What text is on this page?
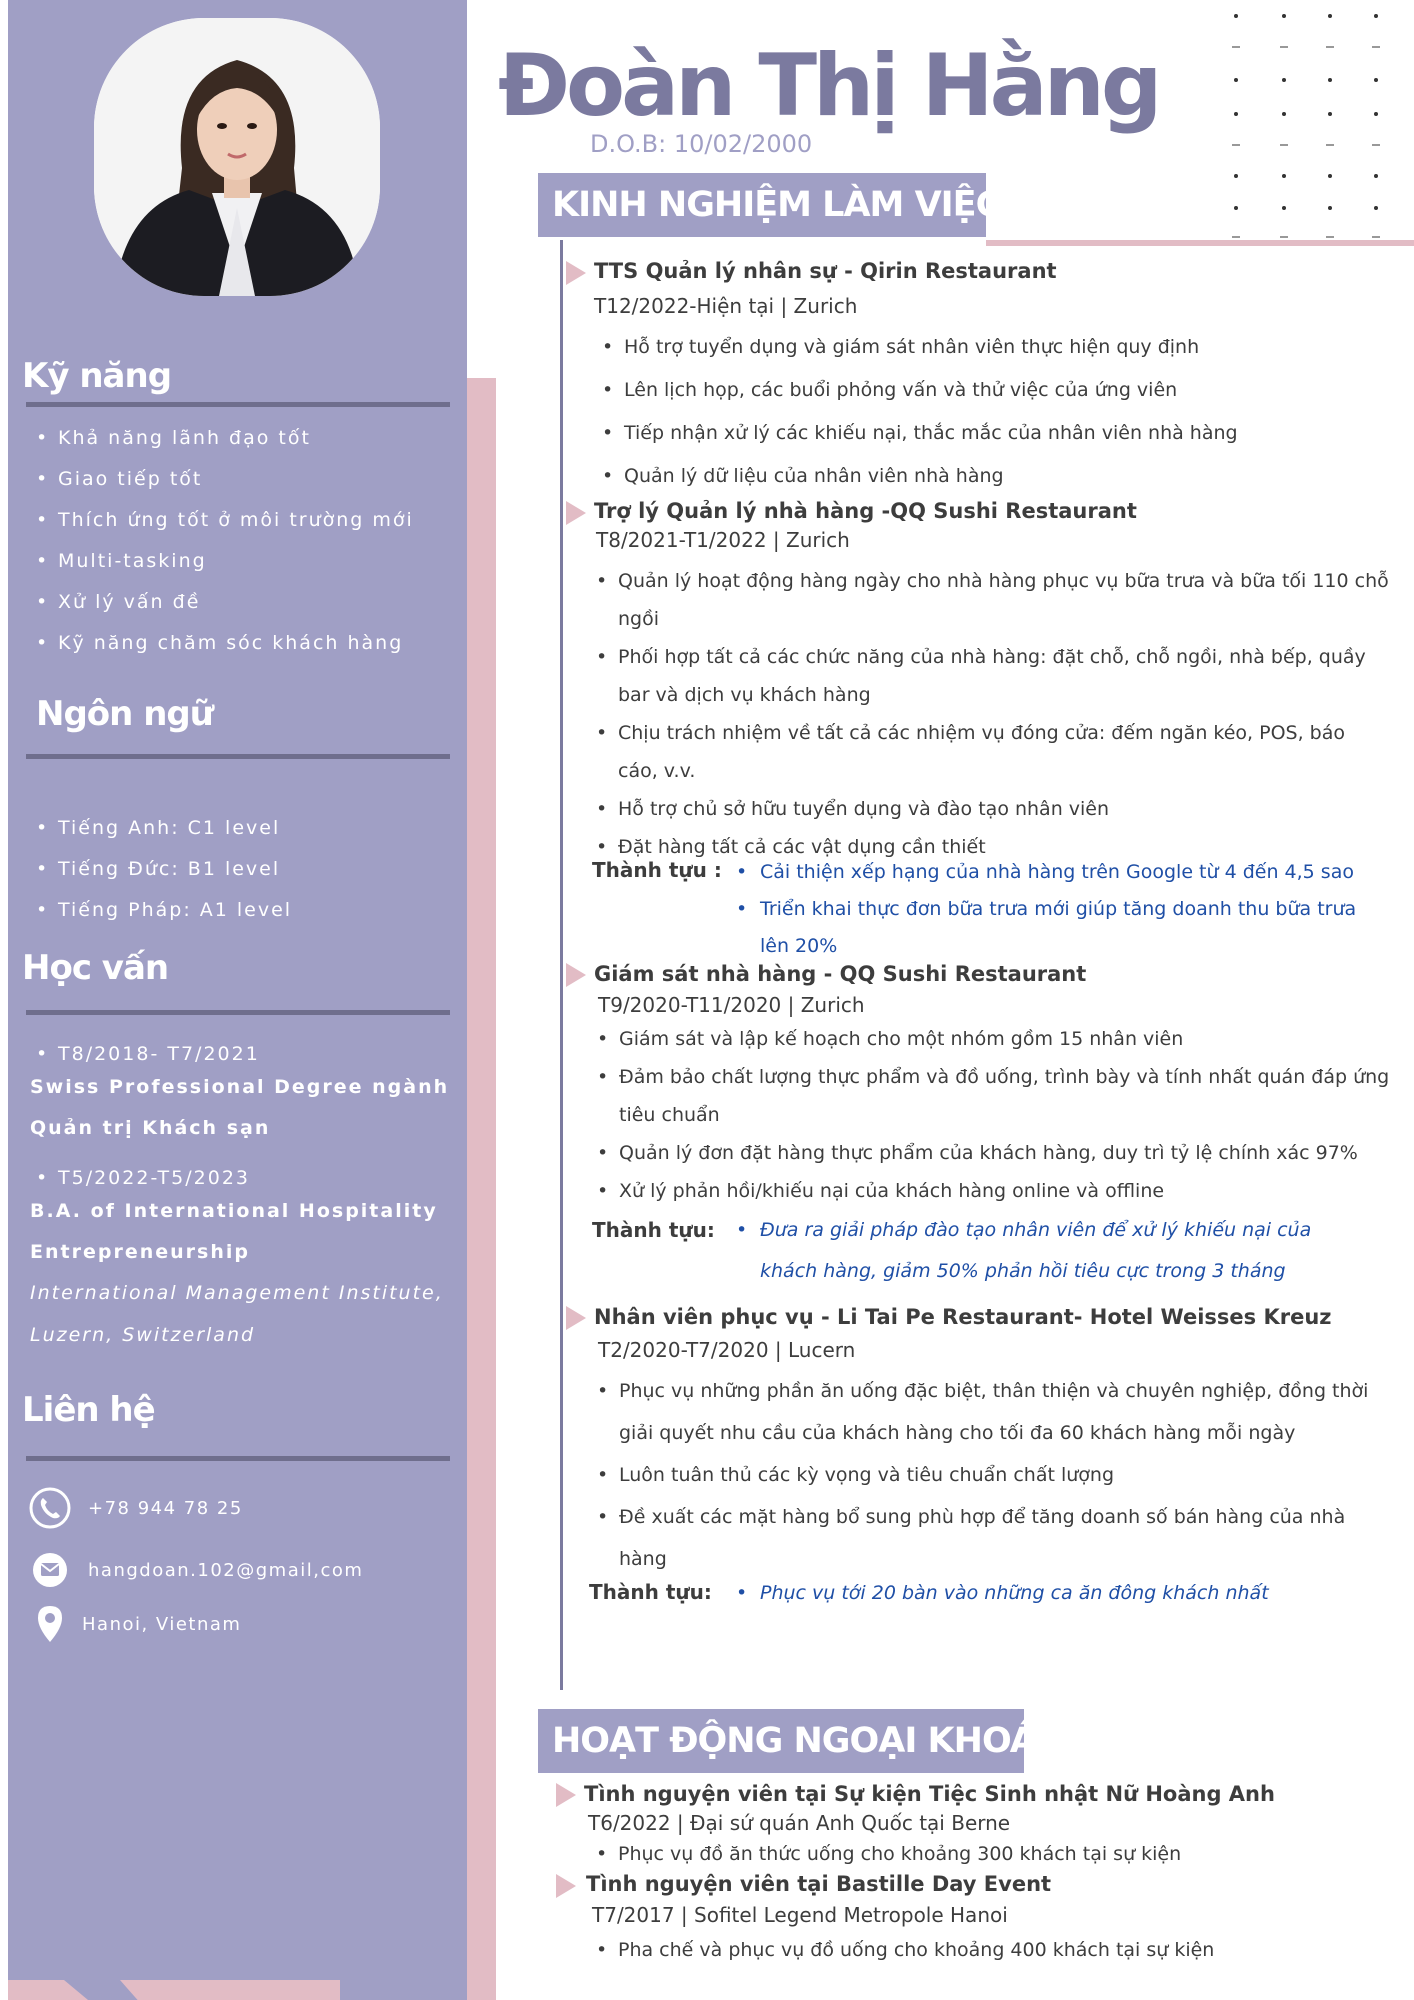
Kỹ năng
• Khả năng lãnh đạo tốt
• Giao tiếp tốt
• Thích ứng tốt ở môi trường mới
• Multi-tasking
• Xử lý vấn đề
• Kỹ năng chăm sóc khách hàng
Ngôn ngữ
• Tiếng Anh: C1 level
• Tiếng Đức: B1 level
• Tiếng Pháp: A1 level
Học vấn
• T8/2018- T7/2021
Swiss Professional Degree ngành
Quản trị Khách sạn
• T5/2022-T5/2023
B.A. of International Hospitality
Entrepreneurship
International Management Institute,
Luzern, Switzerland
Liên hệ
+78 944 78 25
hangdoan.102@gmail,com
Hanoi, Vietnam
Đoàn Thị Hằng
D.O.B: 10/02/2000
KINH NGHIỆM LÀM VIỆC
TTS Quản lý nhân sự - Qirin Restaurant
T12/2022-Hiện tại | Zurich
• Hỗ trợ tuyển dụng và giám sát nhân viên thực hiện quy định
• Lên lịch họp, các buổi phỏng vấn và thử việc của ứng viên
• Tiếp nhận xử lý các khiếu nại, thắc mắc của nhân viên nhà hàng
• Quản lý dữ liệu của nhân viên nhà hàng
Trợ lý Quản lý nhà hàng -QQ Sushi Restaurant
T8/2021-T1/2022 | Zurich
• Quản lý hoạt động hàng ngày cho nhà hàng phục vụ bữa trưa và bữa tối 110 chỗ ngồi
• Phối hợp tất cả các chức năng của nhà hàng: đặt chỗ, chỗ ngồi, nhà bếp, quầy bar và dịch vụ khách hàng
• Chịu trách nhiệm về tất cả các nhiệm vụ đóng cửa: đếm ngăn kéo, POS, báo cáo, v.v.
• Hỗ trợ chủ sở hữu tuyển dụng và đào tạo nhân viên
• Đặt hàng tất cả các vật dụng cần thiết
Thành tựu :	• Cải thiện xếp hạng của nhà hàng trên Google từ 4 đến 4,5 sao
• Triển khai thực đơn bữa trưa mới giúp tăng doanh thu bữa trưa lên 20%
Giám sát nhà hàng - QQ Sushi Restaurant
T9/2020-T11/2020 | Zurich
• Giám sát và lập kế hoạch cho một nhóm gồm 15 nhân viên
• Đảm bảo chất lượng thực phẩm và đồ uống, trình bày và tính nhất quán đáp ứng tiêu chuẩn
• Quản lý đơn đặt hàng thực phẩm của khách hàng, duy trì tỷ lệ chính xác 97%
• Xử lý phản hồi/khiếu nại của khách hàng online và offline
Thành tựu:	• Đưa ra giải pháp đào tạo nhân viên để xử lý khiếu nại của khách hàng, giảm 50% phản hồi tiêu cực trong 3 tháng
Nhân viên phục vụ - Li Tai Pe Restaurant- Hotel Weisses Kreuz
T2/2020-T7/2020 | Lucern
• Phục vụ những phần ăn uống đặc biệt, thân thiện và chuyên nghiệp, đồng thời giải quyết nhu cầu của khách hàng cho tối đa 60 khách hàng mỗi ngày
• Luôn tuân thủ các kỳ vọng và tiêu chuẩn chất lượng
• Đề xuất các mặt hàng bổ sung phù hợp để tăng doanh số bán hàng của nhà hàng
Thành tựu:	• Phục vụ tới 20 bàn vào những ca ăn đông khách nhất
HOẠT ĐỘNG NGOẠI KHOÁ
Tình nguyện viên tại Sự kiện Tiệc Sinh nhật Nữ Hoàng Anh
T6/2022 | Đại sứ quán Anh Quốc tại Berne
• Phục vụ đồ ăn thức uống cho khoảng 300 khách tại sự kiện
Tình nguyện viên tại Bastille Day Event
T7/2017 | Sofitel Legend Metropole Hanoi
• Pha chế và phục vụ đồ uống cho khoảng 400 khách tại sự kiện
